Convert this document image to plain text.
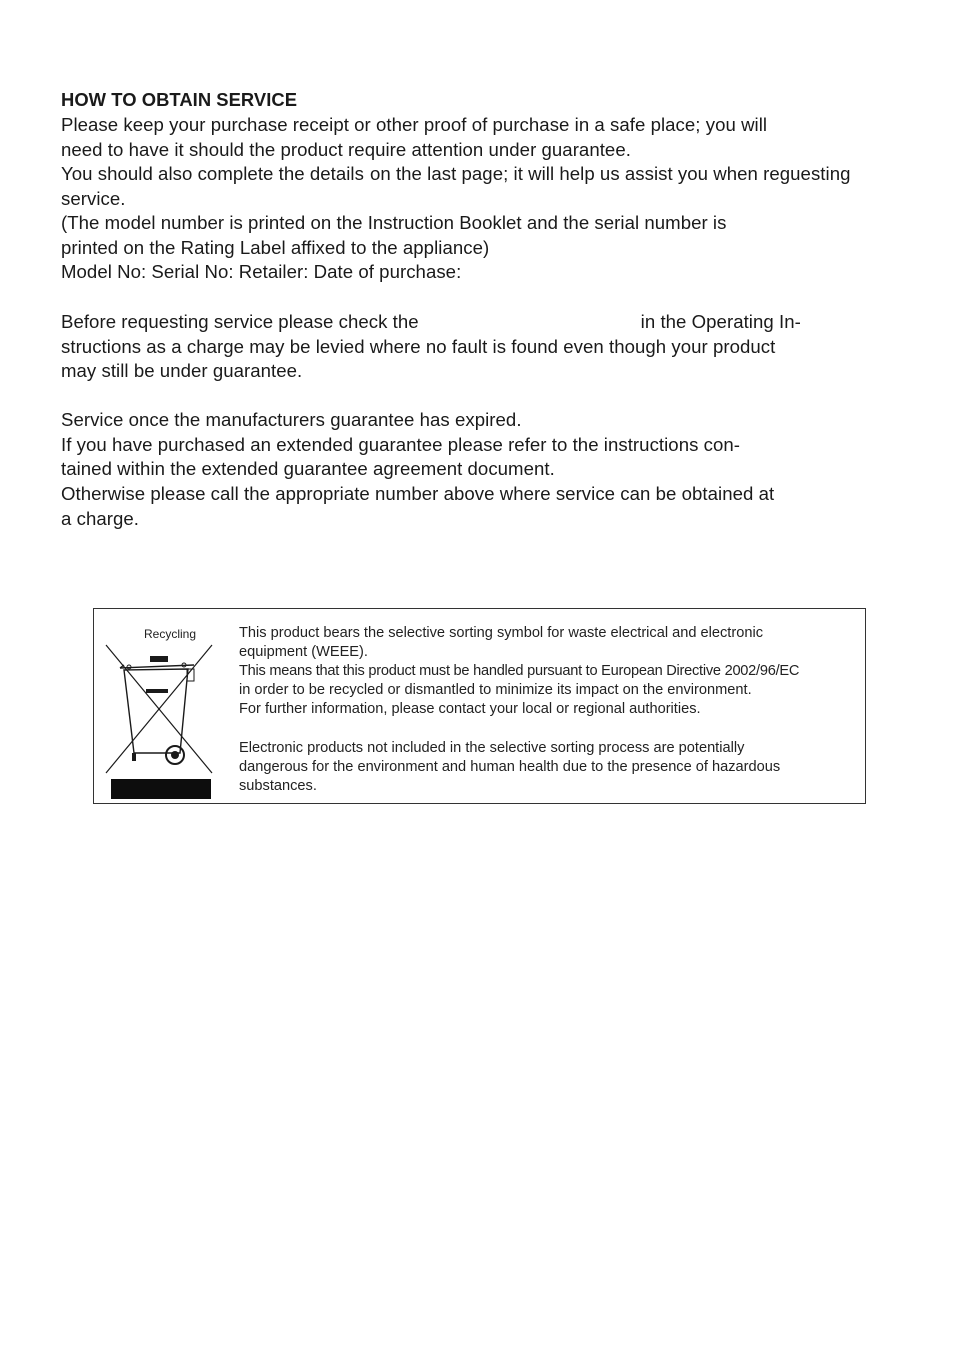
HOW TO OBTAIN SERVICE
Please keep your purchase receipt or other proof of purchase in a safe place; you will
need to have it should the product require attention under guarantee.
You should also complete the details on the last page; it will help us assist you when reguesting
service.
(The model number is printed on the Instruction Booklet and the serial number is
printed on the Rating Label affixed to the appliance)
Model No: Serial No: Retailer: Date of purchase:
Before requesting service please check the	in the Operating In-
structions as a charge may be levied where no fault is found even though your product
may still be under guarantee.
Service once the manufacturers guarantee has expired.
If you have purchased an extended guarantee please refer to the instructions con-
tained within the extended guarantee agreement document.
Otherwise please call the appropriate number above where service can be obtained at
a charge.
Recycling	This product bears the selective sorting symbol for waste electrical and electronic
equipment (WEEE).
This means that this product must be handled pursuant to European Directive 2002/96/EC
in order to be recycled or dismantled to minimize its impact on the environment.
For further information, please contact your local or regional authorities.
Electronic products not included in the selective sorting process are potentially
dangerous for the environment and human health due to the presence of hazardous
substances.
